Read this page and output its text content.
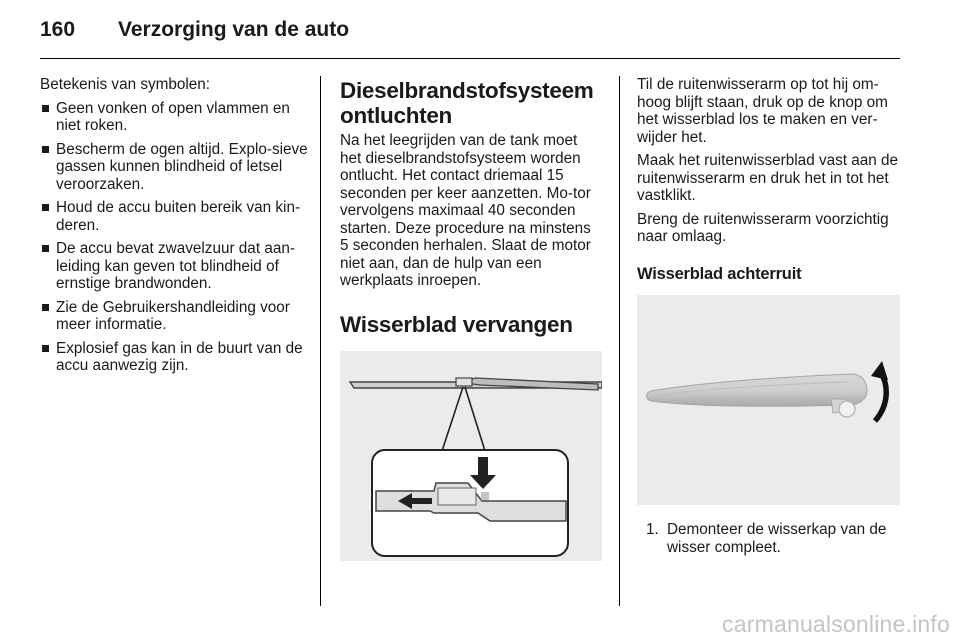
160 Verzorging van de auto

Betekenis van symbolen:

Geen vonken of open vlammen en niet roken.
Bescherm de ogen altijd. Explo-sieve gassen kunnen blindheid of letsel veroorzaken.
Houd de accu buiten bereik van kin-deren.
De accu bevat zwavelzuur dat aan-leiding kan geven tot blindheid of ernstige brandwonden.
Zie de Gebruikershandleiding voor meer informatie.
Explosief gas kan in de buurt van de accu aanwezig zijn.
Dieselbrandstofsysteem ontluchten

Na het leegrijden van de tank moet het dieselbrandstofsysteem worden ontlucht. Het contact driemaal 15 seconden per keer aanzetten. Mo-tor vervolgens maximaal 40 seconden starten. Deze procedure na minstens 5 seconden herhalen. Slaat de motor niet aan, dan de hulp van een werkplaats inroepen.

Wisserblad vervangen

Til de ruitenwisserarm op tot hij om-hoog blijft staan, druk op de knop om het wisserblad los te maken en ver-wijder het.

Maak het ruitenwisserblad vast aan de ruitenwisserarm en druk het in tot het vastklikt.

Breng de ruitenwisserarm voorzichtig naar omlaag.

Wisserblad achterruit
1. Demonteer de wisserkap van de wisser compleet.
carmanualsonline.info
